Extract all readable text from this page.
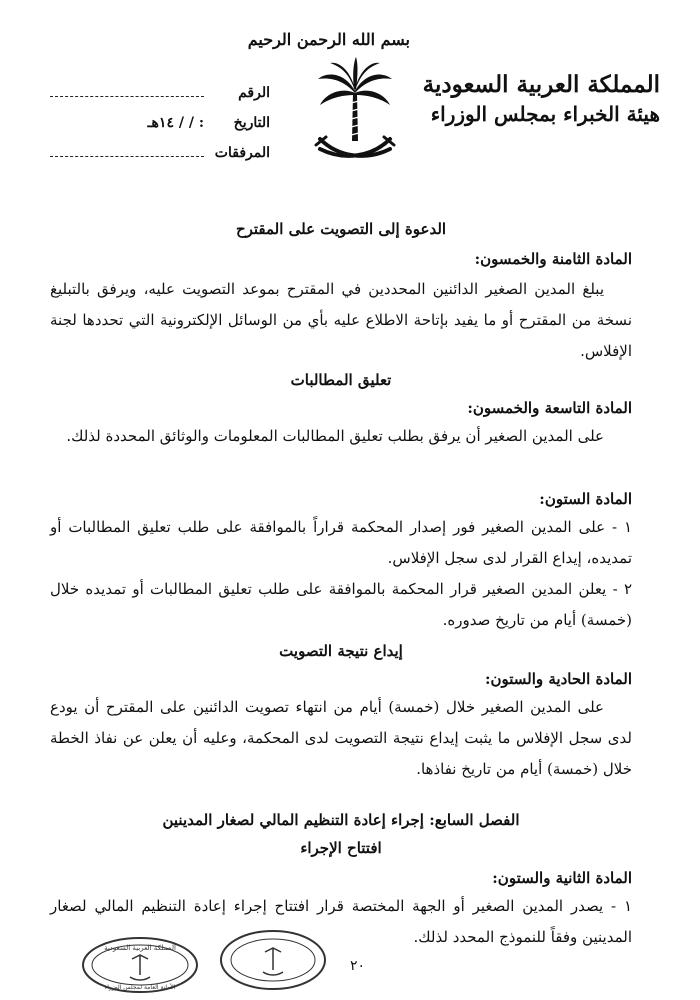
المملكة العربية السعودية
هيئة الخبراء بمجلس الوزراء
بسم الله الرحمن الرحيم
الرقم
التاريخ
: / / ١٤هـ
المرفقات

الدعوة إلى التصويت على المقترح

المادة الثامنة والخمسون:

يبلغ المدين الصغير الدائنين المحددين في المقترح بموعد التصويت عليه، ويرفق بالتبليغ نسخة من المقترح أو ما يفيد بإتاحة الاطلاع عليه بأي من الوسائل الإلكترونية التي تحددها لجنة الإفلاس.

تعليق المطالبات

المادة التاسعة والخمسون:

على المدين الصغير أن يرفق بطلب تعليق المطالبات المعلومات والوثائق المحددة لذلك.

المادة الستون:

١ - على المدين الصغير فور إصدار المحكمة قراراً بالموافقة على طلب تعليق المطالبات أو تمديده، إيداع القرار لدى سجل الإفلاس.

٢ - يعلن المدين الصغير قرار المحكمة بالموافقة على طلب تعليق المطالبات أو تمديده خلال (خمسة) أيام من تاريخ صدوره.

إيداع نتيجة التصويت

المادة الحادية والستون:

على المدين الصغير خلال (خمسة) أيام من انتهاء تصويت الدائنين على المقترح أن يودع لدى سجل الإفلاس ما يثبت إيداع نتيجة التصويت لدى المحكمة، وعليه أن يعلن عن نفاذ الخطة خلال (خمسة) أيام من تاريخ نفاذها.

الفصل السابع: إجراء إعادة التنظيم المالي لصغار المدينين

افتتاح الإجراء

المادة الثانية والستون:

١ - يصدر المدين الصغير أو الجهة المختصة قرار افتتاح إجراء إعادة التنظيم المالي لصغار المدينين وفقاً للنموذج المحدد لذلك.

٢٠
المملكة العربية السعودية
الأمانة العامة لمجلس الوزراء
